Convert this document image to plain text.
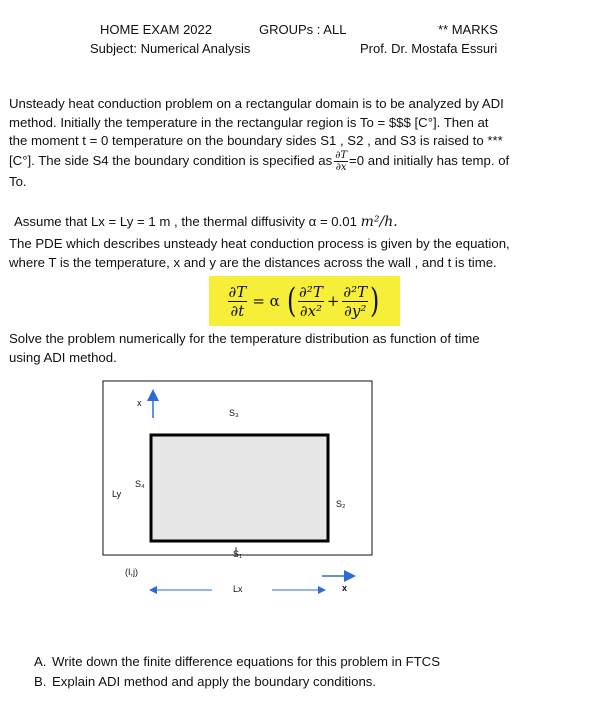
HOME EXAM 2022	GROUPs : ALL	** MARKS
Subject: Numerical Analysis	Prof. Dr. Mostafa Essuri
Unsteady heat conduction problem on a rectangular domain is to be analyzed by ADI
method. Initially the temperature in the rectangular region is To = $$$ [C°]. Then at
the moment t = 0 temperature on the boundary sides S1 , S2 , and S3 is raised to ***
[C°]. The side S4 the boundary condition is specified as $\frac{\partial T}{\partial x} =0$ and initially has temp. of
To.
Assume that Lx = Ly = 1 m , the thermal diffusivity α = 0.01 m²/h.
The PDE which describes unsteady heat conduction process is given by the equation,
where T is the temperature, x and y are the distances across the wall , and t is time.
$\frac{\partial T}{\partial t} = \alpha$ ( $\frac{\text{∂²T}}{\text{∂x²}} + \frac{\text{∂²T}}{\text{∂y²}}$ )
Solve the problem numerically for the temperature distribution as function of time
using ADI method.
x
S₃
S₄
Ly
S₂
S₁
(I,j)
Lx	x
A. Write down the finite difference equations for this problem in FTCS
B. Explain ADI method and apply the boundary conditions.
